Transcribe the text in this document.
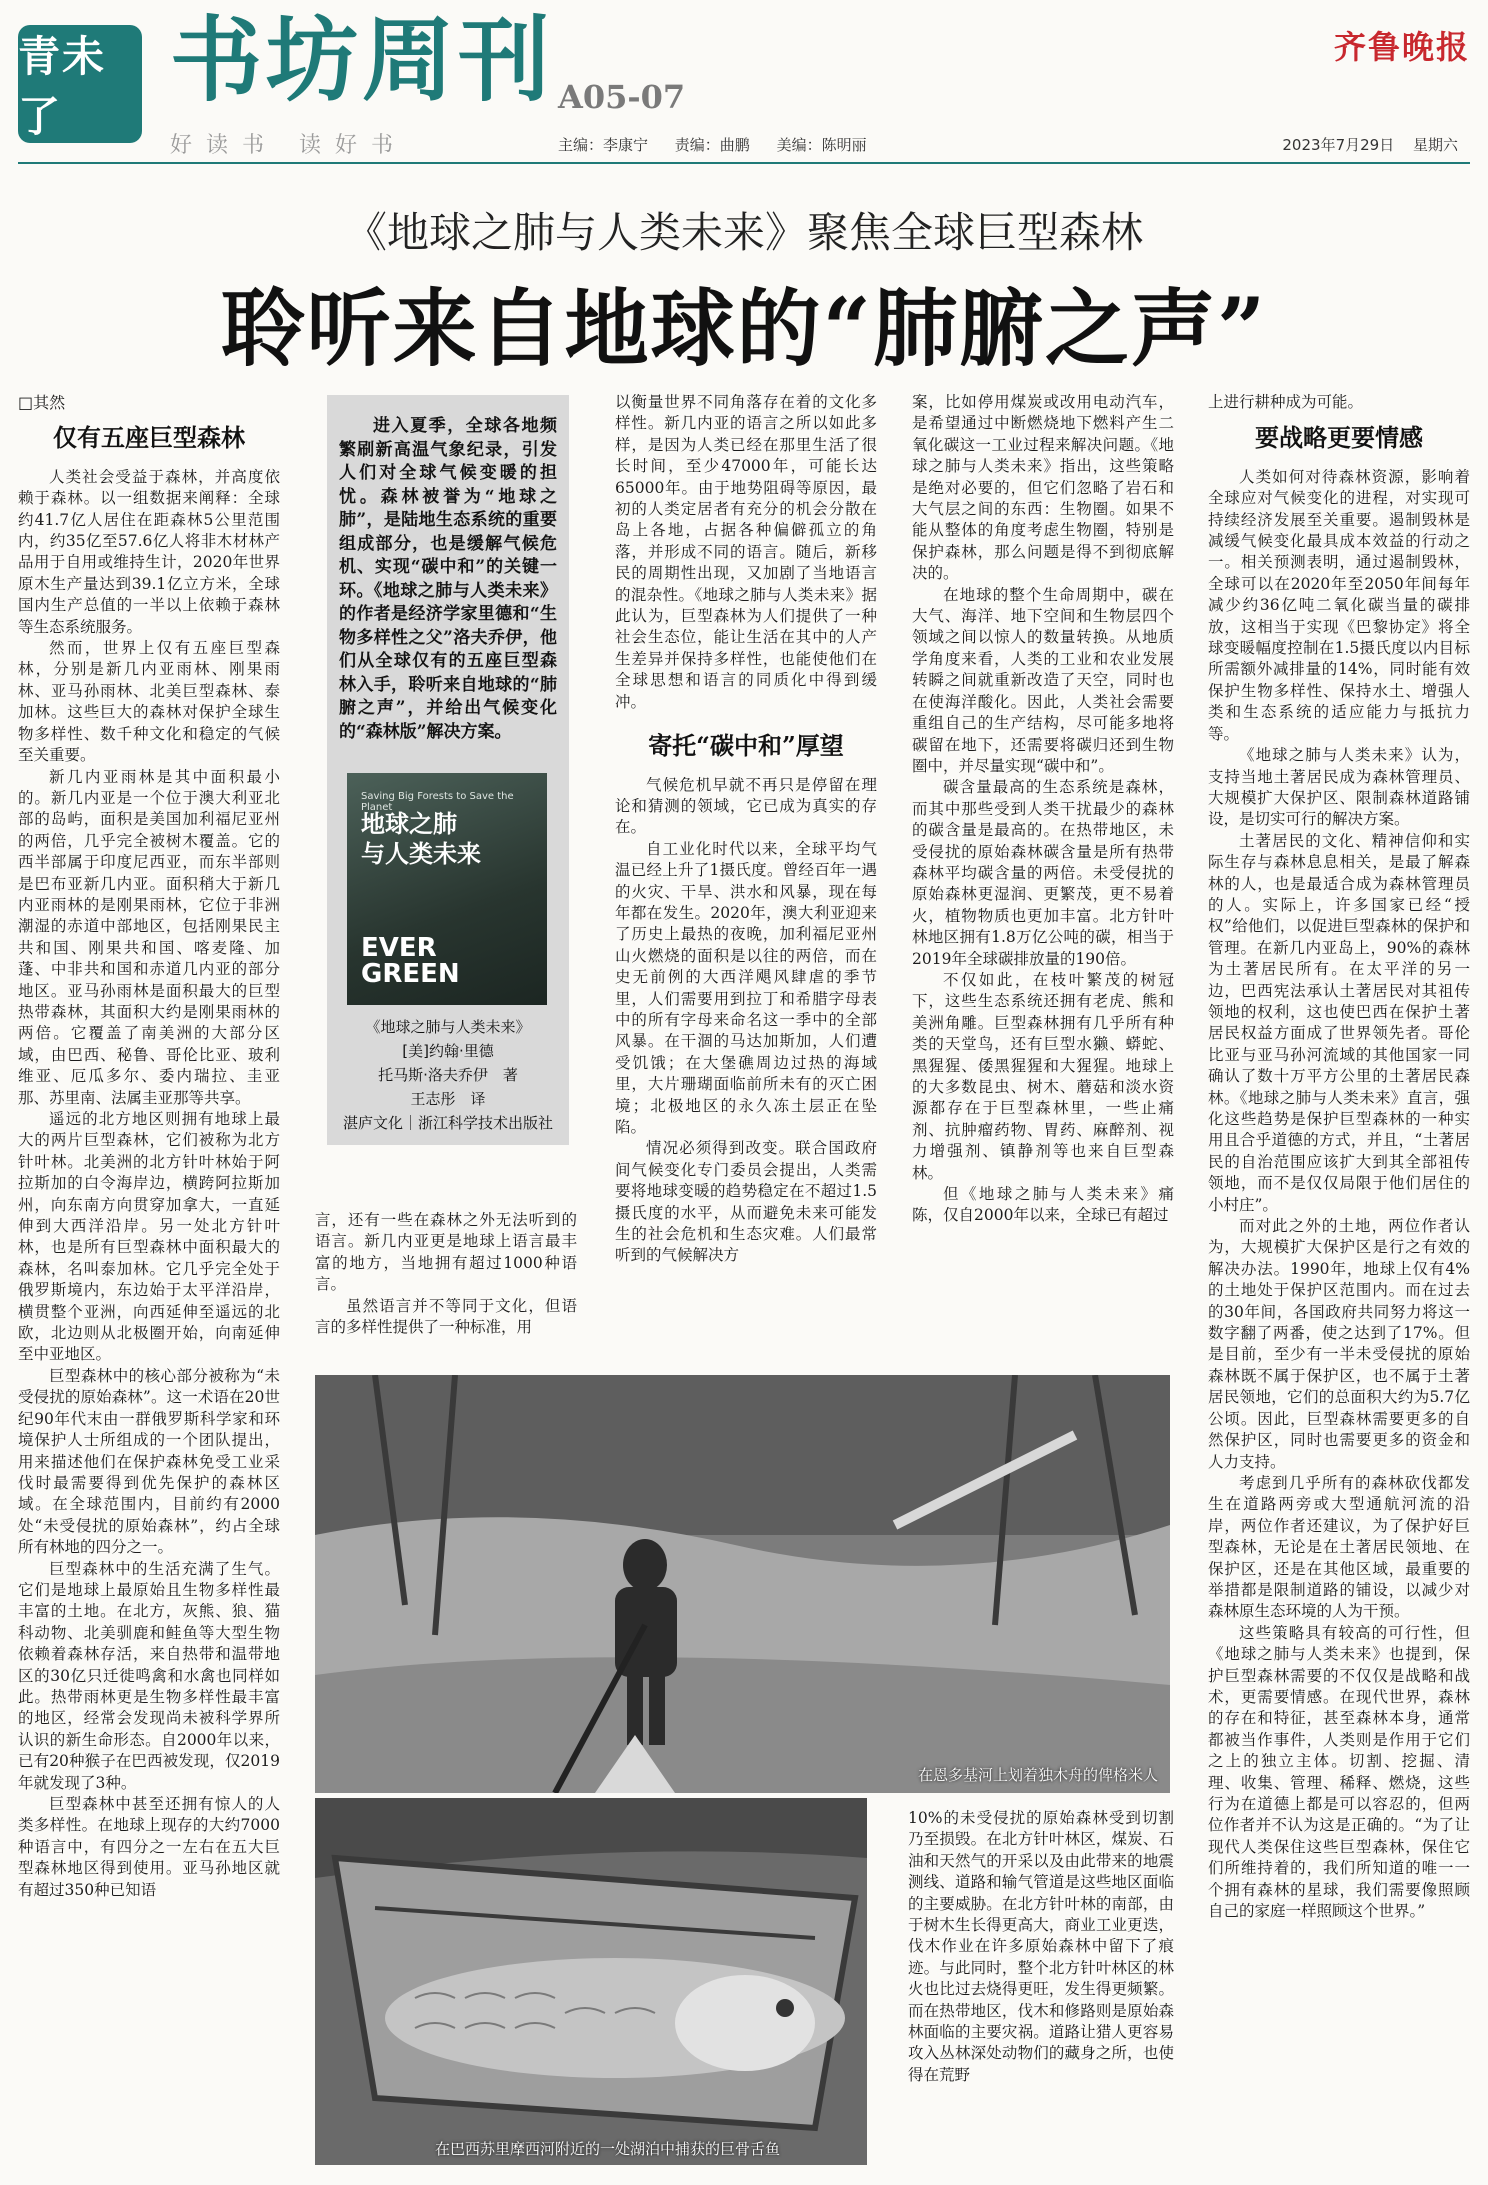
青未了
书坊周刊
好读书 读好书
A05-07
主编：李康宁 责编：曲鹏 美编：陈明丽
齐鲁晚报
2023年7月29日 星期六
《地球之肺与人类未来》聚焦全球巨型森林
聆听来自地球的“肺腑之声”

□其然

仅有五座巨型森林

人类社会受益于森林，并高度依赖于森林。以一组数据来阐释：全球约41.7亿人居住在距森林5公里范围内，约35亿至57.6亿人将非木材林产品用于自用或维持生计，2020年世界原木生产量达到39.1亿立方米，全球国内生产总值的一半以上依赖于森林等生态系统服务。

然而，世界上仅有五座巨型森林，分别是新几内亚雨林、刚果雨林、亚马孙雨林、北美巨型森林、泰加林。这些巨大的森林对保护全球生物多样性、数千种文化和稳定的气候至关重要。

新几内亚雨林是其中面积最小的。新几内亚是一个位于澳大利亚北部的岛屿，面积是美国加利福尼亚州的两倍，几乎完全被树木覆盖。它的西半部属于印度尼西亚，而东半部则是巴布亚新几内亚。面积稍大于新几内亚雨林的是刚果雨林，它位于非洲潮湿的赤道中部地区，包括刚果民主共和国、刚果共和国、喀麦隆、加蓬、中非共和国和赤道几内亚的部分地区。亚马孙雨林是面积最大的巨型热带森林，其面积大约是刚果雨林的两倍。它覆盖了南美洲的大部分区域，由巴西、秘鲁、哥伦比亚、玻利维亚、厄瓜多尔、委内瑞拉、圭亚那、苏里南、法属圭亚那等共享。

遥远的北方地区则拥有地球上最大的两片巨型森林，它们被称为北方针叶林。北美洲的北方针叶林始于阿拉斯加的白令海岸边，横跨阿拉斯加州，向东南方向贯穿加拿大，一直延伸到大西洋沿岸。另一处北方针叶林，也是所有巨型森林中面积最大的森林，名叫泰加林。它几乎完全处于俄罗斯境内，东边始于太平洋沿岸，横贯整个亚洲，向西延伸至遥远的北欧，北边则从北极圈开始，向南延伸至中亚地区。

巨型森林中的核心部分被称为“未受侵扰的原始森林”。这一术语在20世纪90年代末由一群俄罗斯科学家和环境保护人士所组成的一个团队提出，用来描述他们在保护森林免受工业采伐时最需要得到优先保护的森林区域。在全球范围内，目前约有2000处“未受侵扰的原始森林”，约占全球所有林地的四分之一。

巨型森林中的生活充满了生气。它们是地球上最原始且生物多样性最丰富的土地。在北方，灰熊、狼、猫科动物、北美驯鹿和鲑鱼等大型生物依赖着森林存活，来自热带和温带地区的30亿只迁徙鸣禽和水禽也同样如此。热带雨林更是生物多样性最丰富的地区，经常会发现尚未被科学界所认识的新生命形态。自2000年以来，已有20种猴子在巴西被发现，仅2019年就发现了3种。

巨型森林中甚至还拥有惊人的人类多样性。在地球上现存的大约7000种语言中，有四分之一左右在五大巨型森林地区得到使用。亚马孙地区就有超过350种已知语

进入夏季，全球各地频繁刷新高温气象纪录，引发人们对全球气候变暖的担忧。森林被誉为“地球之肺”，是陆地生态系统的重要组成部分，也是缓解气候危机、实现“碳中和”的关键一环。《地球之肺与人类未来》的作者是经济学家里德和“生物多样性之父”洛夫乔伊，他们从全球仅有的五座巨型森林入手，聆听来自地球的“肺腑之声”，并给出气候变化的“森林版”解决方案。

Saving Big Forests to Save the Planet
地球之肺
与人类未来
EVER
GREEN
《地球之肺与人类未来》
[美]约翰·里德
托马斯·洛夫乔伊　著
王志彤　译
湛庐文化｜浙江科学技术出版社

言，还有一些在森林之外无法听到的语言。新几内亚更是地球上语言最丰富的地方，当地拥有超过1000种语言。

虽然语言并不等同于文化，但语言的多样性提供了一种标准，用

以衡量世界不同角落存在着的文化多样性。新几内亚的语言之所以如此多样，是因为人类已经在那里生活了很长时间，至少47000年，可能长达65000年。由于地势阻碍等原因，最初的人类定居者有充分的机会分散在岛上各地，占据各种偏僻孤立的角落，并形成不同的语言。随后，新移民的周期性出现，又加剧了当地语言的混杂性。《地球之肺与人类未来》据此认为，巨型森林为人们提供了一种社会生态位，能让生活在其中的人产生差异并保持多样性，也能使他们在全球思想和语言的同质化中得到缓冲。

寄托“碳中和”厚望

气候危机早就不再只是停留在理论和猜测的领域，它已成为真实的存在。

自工业化时代以来，全球平均气温已经上升了1摄氏度。曾经百年一遇的火灾、干旱、洪水和风暴，现在每年都在发生。2020年，澳大利亚迎来了历史上最热的夜晚，加利福尼亚州山火燃烧的面积是以往的两倍，而在史无前例的大西洋飓风肆虐的季节里，人们需要用到拉丁和希腊字母表中的所有字母来命名这一季中的全部风暴。在干涸的马达加斯加，人们遭受饥饿；在大堡礁周边过热的海域里，大片珊瑚面临前所未有的灭亡困境；北极地区的永久冻土层正在坠陷。

情况必须得到改变。联合国政府间气候变化专门委员会提出，人类需要将地球变暖的趋势稳定在不超过1.5摄氏度的水平，从而避免未来可能发生的社会危机和生态灾难。人们最常听到的气候解决方

案，比如停用煤炭或改用电动汽车，是希望通过中断燃烧地下燃料产生二氧化碳这一工业过程来解决问题。《地球之肺与人类未来》指出，这些策略是绝对必要的，但它们忽略了岩石和大气层之间的东西：生物圈。如果不能从整体的角度考虑生物圈，特别是保护森林，那么问题是得不到彻底解决的。

在地球的整个生命周期中，碳在大气、海洋、地下空间和生物层四个领域之间以惊人的数量转换。从地质学角度来看，人类的工业和农业发展转瞬之间就重新改造了天空，同时也在使海洋酸化。因此，人类社会需要重组自己的生产结构，尽可能多地将碳留在地下，还需要将碳归还到生物圈中，并尽量实现“碳中和”。

碳含量最高的生态系统是森林，而其中那些受到人类干扰最少的森林的碳含量是最高的。在热带地区，未受侵扰的原始森林碳含量是所有热带森林平均碳含量的两倍。未受侵扰的原始森林更湿润、更繁茂，更不易着火，植物物质也更加丰富。北方针叶林地区拥有1.8万亿公吨的碳，相当于2019年全球碳排放量的190倍。

不仅如此，在枝叶繁茂的树冠下，这些生态系统还拥有老虎、熊和美洲角雕。巨型森林拥有几乎所有种类的天堂鸟，还有巨型水獭、蟒蛇、黑猩猩、倭黑猩猩和大猩猩。地球上的大多数昆虫、树木、蘑菇和淡水资源都存在于巨型森林里，一些止痛剂、抗肿瘤药物、胃药、麻醉剂、视力增强剂、镇静剂等也来自巨型森林。

但《地球之肺与人类未来》痛陈，仅自2000年以来，全球已有超过

10%的未受侵扰的原始森林受到切割乃至损毁。在北方针叶林区，煤炭、石油和天然气的开采以及由此带来的地震测线、道路和输气管道是这些地区面临的主要威胁。在北方针叶林的南部，由于树木生长得更高大，商业工业更迭，伐木作业在许多原始森林中留下了痕迹。与此同时，整个北方针叶林区的林火也比过去烧得更旺，发生得更频繁。而在热带地区，伐木和修路则是原始森林面临的主要灾祸。道路让猎人更容易攻入丛林深处动物们的藏身之所，也使得在荒野

上进行耕种成为可能。

要战略更要情感

人类如何对待森林资源，影响着全球应对气候变化的进程，对实现可持续经济发展至关重要。遏制毁林是减缓气候变化最具成本效益的行动之一。相关预测表明，通过遏制毁林，全球可以在2020年至2050年间每年减少约36亿吨二氧化碳当量的碳排放，这相当于实现《巴黎协定》将全球变暖幅度控制在1.5摄氏度以内目标所需额外减排量的14%，同时能有效保护生物多样性、保持水土、增强人类和生态系统的适应能力与抵抗力等。

《地球之肺与人类未来》认为，支持当地土著居民成为森林管理员、大规模扩大保护区、限制森林道路铺设，是切实可行的解决方案。

土著居民的文化、精神信仰和实际生存与森林息息相关，是最了解森林的人，也是最适合成为森林管理员的人。实际上，许多国家已经“授权”给他们，以促进巨型森林的保护和管理。在新几内亚岛上，90%的森林为土著居民所有。在太平洋的另一边，巴西宪法承认土著居民对其祖传领地的权利，这也使巴西在保护土著居民权益方面成了世界领先者。哥伦比亚与亚马孙河流域的其他国家一同确认了数十万平方公里的土著居民森林。《地球之肺与人类未来》直言，强化这些趋势是保护巨型森林的一种实用且合乎道德的方式，并且，“土著居民的自治范围应该扩大到其全部祖传领地，而不是仅仅局限于他们居住的小村庄”。

而对此之外的土地，两位作者认为，大规模扩大保护区是行之有效的解决办法。1990年，地球上仅有4%的土地处于保护区范围内。而在过去的30年间，各国政府共同努力将这一数字翻了两番，使之达到了17%。但是目前，至少有一半未受侵扰的原始森林既不属于保护区，也不属于土著居民领地，它们的总面积大约为5.7亿公顷。因此，巨型森林需要更多的自然保护区，同时也需要更多的资金和人力支持。

考虑到几乎所有的森林砍伐都发生在道路两旁或大型通航河流的沿岸，两位作者还建议，为了保护好巨型森林，无论是在土著居民领地、在保护区，还是在其他区域，最重要的举措都是限制道路的铺设，以减少对森林原生态环境的人为干预。

这些策略具有较高的可行性，但《地球之肺与人类未来》也提到，保护巨型森林需要的不仅仅是战略和战术，更需要情感。在现代世界，森林的存在和特征，甚至森林本身，通常都被当作事件，人类则是作用于它们之上的独立主体。切割、挖掘、清理、收集、管理、稀释、燃烧，这些行为在道德上都是可以容忍的，但两位作者并不认为这是正确的。“为了让现代人类保住这些巨型森林，保住它们所维持着的，我们所知道的唯一一个拥有森林的星球，我们需要像照顾自己的家庭一样照顾这个世界。”

在恩多基河上划着独木舟的俾格米人
在巴西苏里摩西河附近的一处湖泊中捕获的巨骨舌鱼
